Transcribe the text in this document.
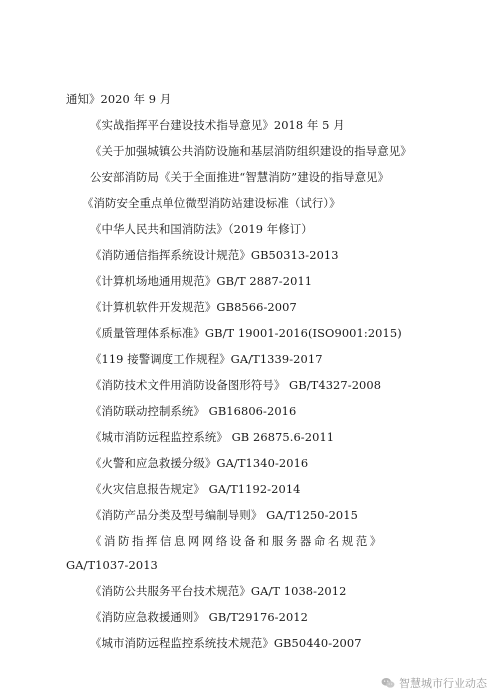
通知》2020 年 9 月
《实战指挥平台建设技术指导意见》2018 年 5 月
《关于加强城镇公共消防设施和基层消防组织建设的指导意见》
公安部消防局《关于全面推进“智慧消防”建设的指导意见》
《消防安全重点单位微型消防站建设标准（试行）》
《中华人民共和国消防法》（2019 年修订）
《消防通信指挥系统设计规范》GB50313-2013
《计算机场地通用规范》GB/T 2887-2011
《计算机软件开发规范》GB8566-2007
《质量管理体系标准》GB/T 19001-2016(ISO9001:2015)
《119 接警调度工作规程》GA/T1339-2017
《消防技术文件用消防设备图形符号》 GB/T4327-2008
《消防联动控制系统》 GB16806-2016
《城市消防远程监控系统》 GB 26875.6-2011
《火警和应急救援分级》GA/T1340-2016
《火灾信息报告规定》 GA/T1192-2014
《消防产品分类及型号编制导则》 GA/T1250-2015
《消防指挥信息网网络设备和服务器命名规范》
GA/T1037-2013
《消防公共服务平台技术规范》GA/T 1038-2012
《消防应急救援通则》 GB/T29176-2012
《城市消防远程监控系统技术规范》GB50440-2007
智慧城市行业动态
